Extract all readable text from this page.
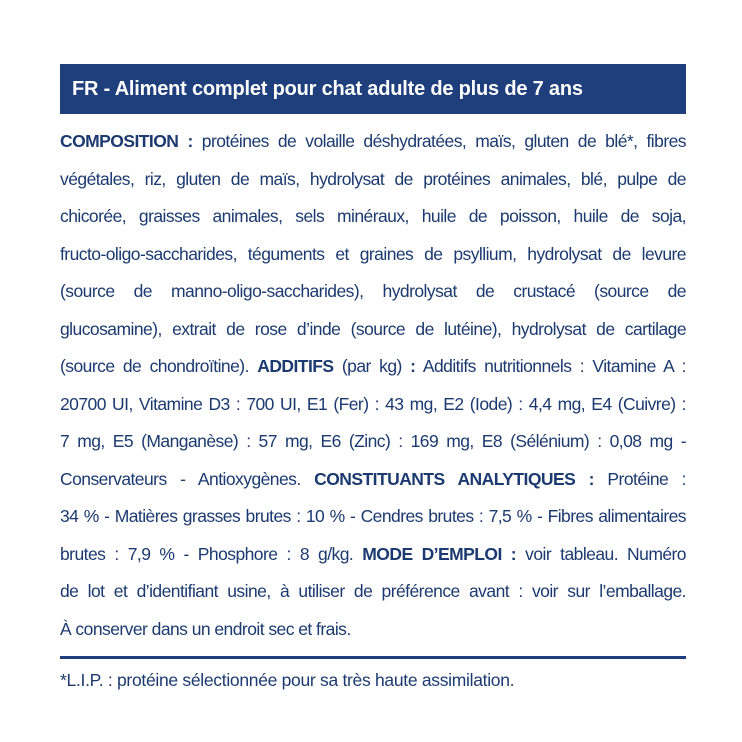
FR - Aliment complet pour chat adulte de plus de 7 ans
COMPOSITION : protéines de volaille déshydratées, maïs, gluten de blé*, fibres
végétales, riz, gluten de maïs, hydrolysat de protéines animales, blé, pulpe de
chicorée, graisses animales, sels minéraux, huile de poisson, huile de soja,
fructo-oligo-saccharides, téguments et graines de psyllium, hydrolysat de levure
(source de manno-oligo-saccharides), hydrolysat de crustacé (source de
glucosamine), extrait de rose d’inde (source de lutéine), hydrolysat de cartilage
(source de chondroïtine). ADDITIFS (par kg) : Additifs nutritionnels : Vitamine A :
20700 UI, Vitamine D3 : 700 UI, E1 (Fer) : 43 mg, E2 (Iode) : 4,4 mg, E4 (Cuivre) :
7 mg, E5 (Manganèse) : 57 mg, E6 (Zinc) : 169 mg, E8 (Sélénium) : 0,08 mg -
Conservateurs - Antioxygènes. CONSTITUANTS ANALYTIQUES : Protéine :
34 % - Matières grasses brutes : 10 % - Cendres brutes : 7,5 % - Fibres alimentaires
brutes : 7,9 % - Phosphore : 8 g/kg. MODE D’EMPLOI : voir tableau. Numéro
de lot et d’identifiant usine, à utiliser de préférence avant : voir sur l’emballage.
À conserver dans un endroit sec et frais.
*L.I.P. : protéine sélectionnée pour sa très haute assimilation.
